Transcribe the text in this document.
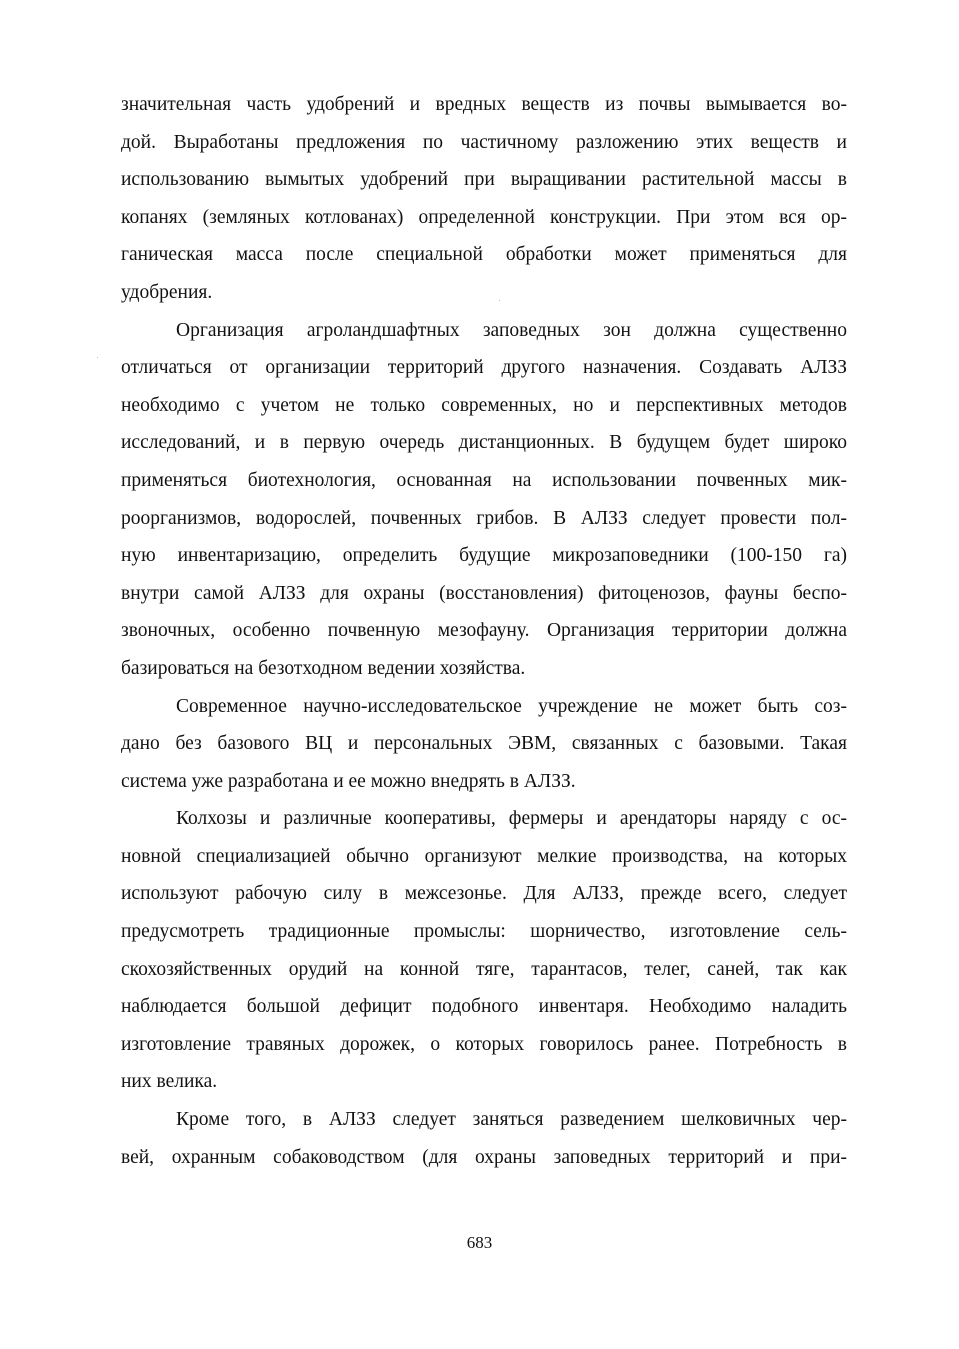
значительная часть удобрений и вредных веществ из почвы вымывается во-
дой. Выработаны предложения по частичному разложению этих веществ и
использованию вымытых удобрений при выращивании растительной массы в
копанях (земляных котлованах) определенной конструкции. При этом вся ор-
ганическая масса после специальной обработки может применяться для
удобрения.

Организация агроландшафтных заповедных зон должна существенно
отличаться от организации территорий другого назначения. Создавать АЛЗЗ
необходимо с учетом не только современных, но и перспективных методов
исследований, и в первую очередь дистанционных. В будущем будет широко
применяться биотехнология, основанная на использовании почвенных мик-
роорганизмов, водорослей, почвенных грибов. В АЛЗЗ следует провести пол-
ную инвентаризацию, определить будущие микрозаповедники (100-150 га)
внутри самой АЛЗЗ для охраны (восстановления) фитоценозов, фауны беспо-
звоночных, особенно почвенную мезофауну. Организация территории должна
базироваться на безотходном ведении хозяйства.

Современное научно-исследовательское учреждение не может быть соз-
дано без базового ВЦ и персональных ЭВМ, связанных с базовыми. Такая
система уже разработана и ее можно внедрять в АЛЗЗ.

Колхозы и различные кооперативы, фермеры и арендаторы наряду с ос-
новной специализацией обычно организуют мелкие производства, на которых
используют рабочую силу в межсезонье. Для АЛЗЗ, прежде всего, следует
предусмотреть традиционные промыслы: шорничество, изготовление сель-
скохозяйственных орудий на конной тяге, тарантасов, телег, саней, так как
наблюдается большой дефицит подобного инвентаря. Необходимо наладить
изготовление травяных дорожек, о которых говорилось ранее. Потребность в
них велика.

Кроме того, в АЛЗЗ следует заняться разведением шелковичных чер-
вей, охранным собаководством (для охраны заповедных территорий и при-

683
